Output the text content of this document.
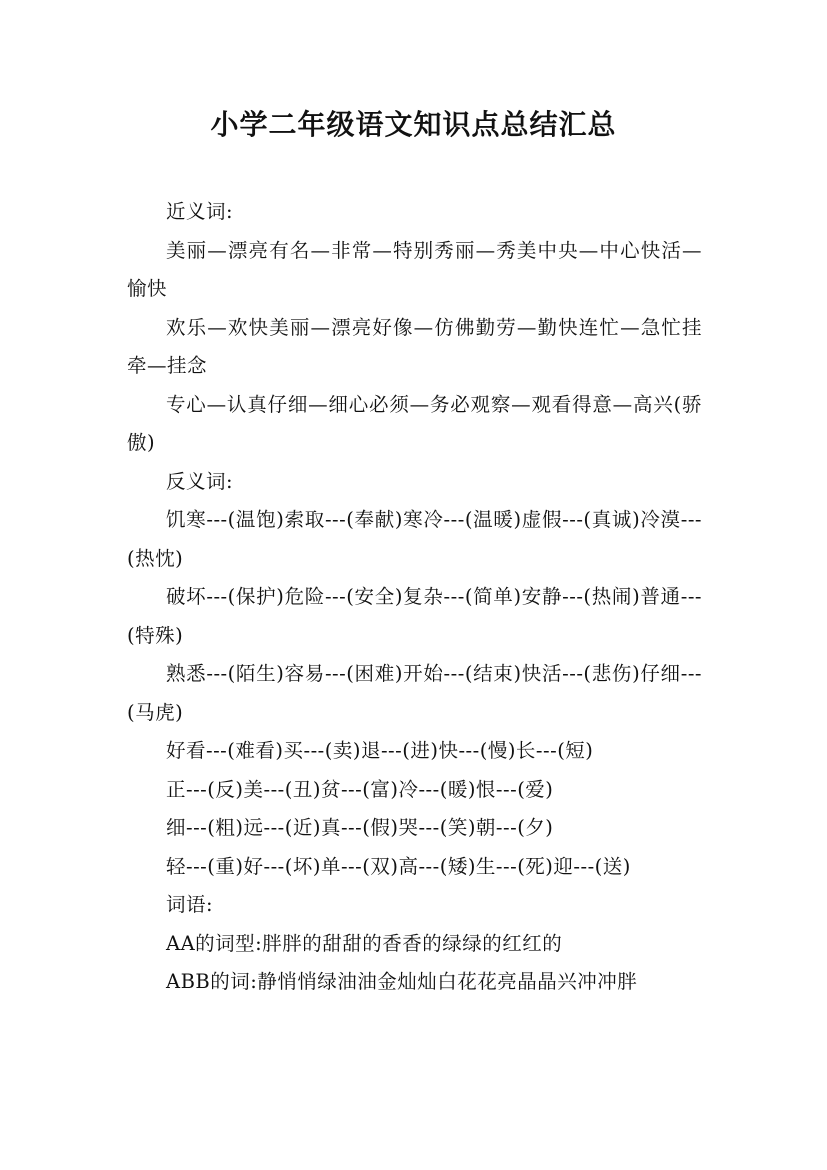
小学二年级语文知识点总结汇总

近义词:

美丽—漂亮有名—非常—特别秀丽—秀美中央—中心快活—愉快

欢乐—欢快美丽—漂亮好像—仿佛勤劳—勤快连忙—急忙挂牵—挂念

专心—认真仔细—细心必须—务必观察—观看得意—高兴(骄傲)

反义词:

饥寒---(温饱)索取---(奉献)寒冷---(温暖)虚假---(真诚)冷漠---(热忱)

破坏---(保护)危险---(安全)复杂---(简单)安静---(热闹)普通---(特殊)

熟悉---(陌生)容易---(困难)开始---(结束)快活---(悲伤)仔细---(马虎)

好看---(难看)买---(卖)退---(进)快---(慢)长---(短)

正---(反)美---(丑)贫---(富)冷---(暖)恨---(爱)

细---(粗)远---(近)真---(假)哭---(笑)朝---(夕)

轻---(重)好---(坏)单---(双)高---(矮)生---(死)迎---(送)

词语:

AA的词型:胖胖的甜甜的香香的绿绿的红红的

ABB的词:静悄悄绿油油金灿灿白花花亮晶晶兴冲冲胖
